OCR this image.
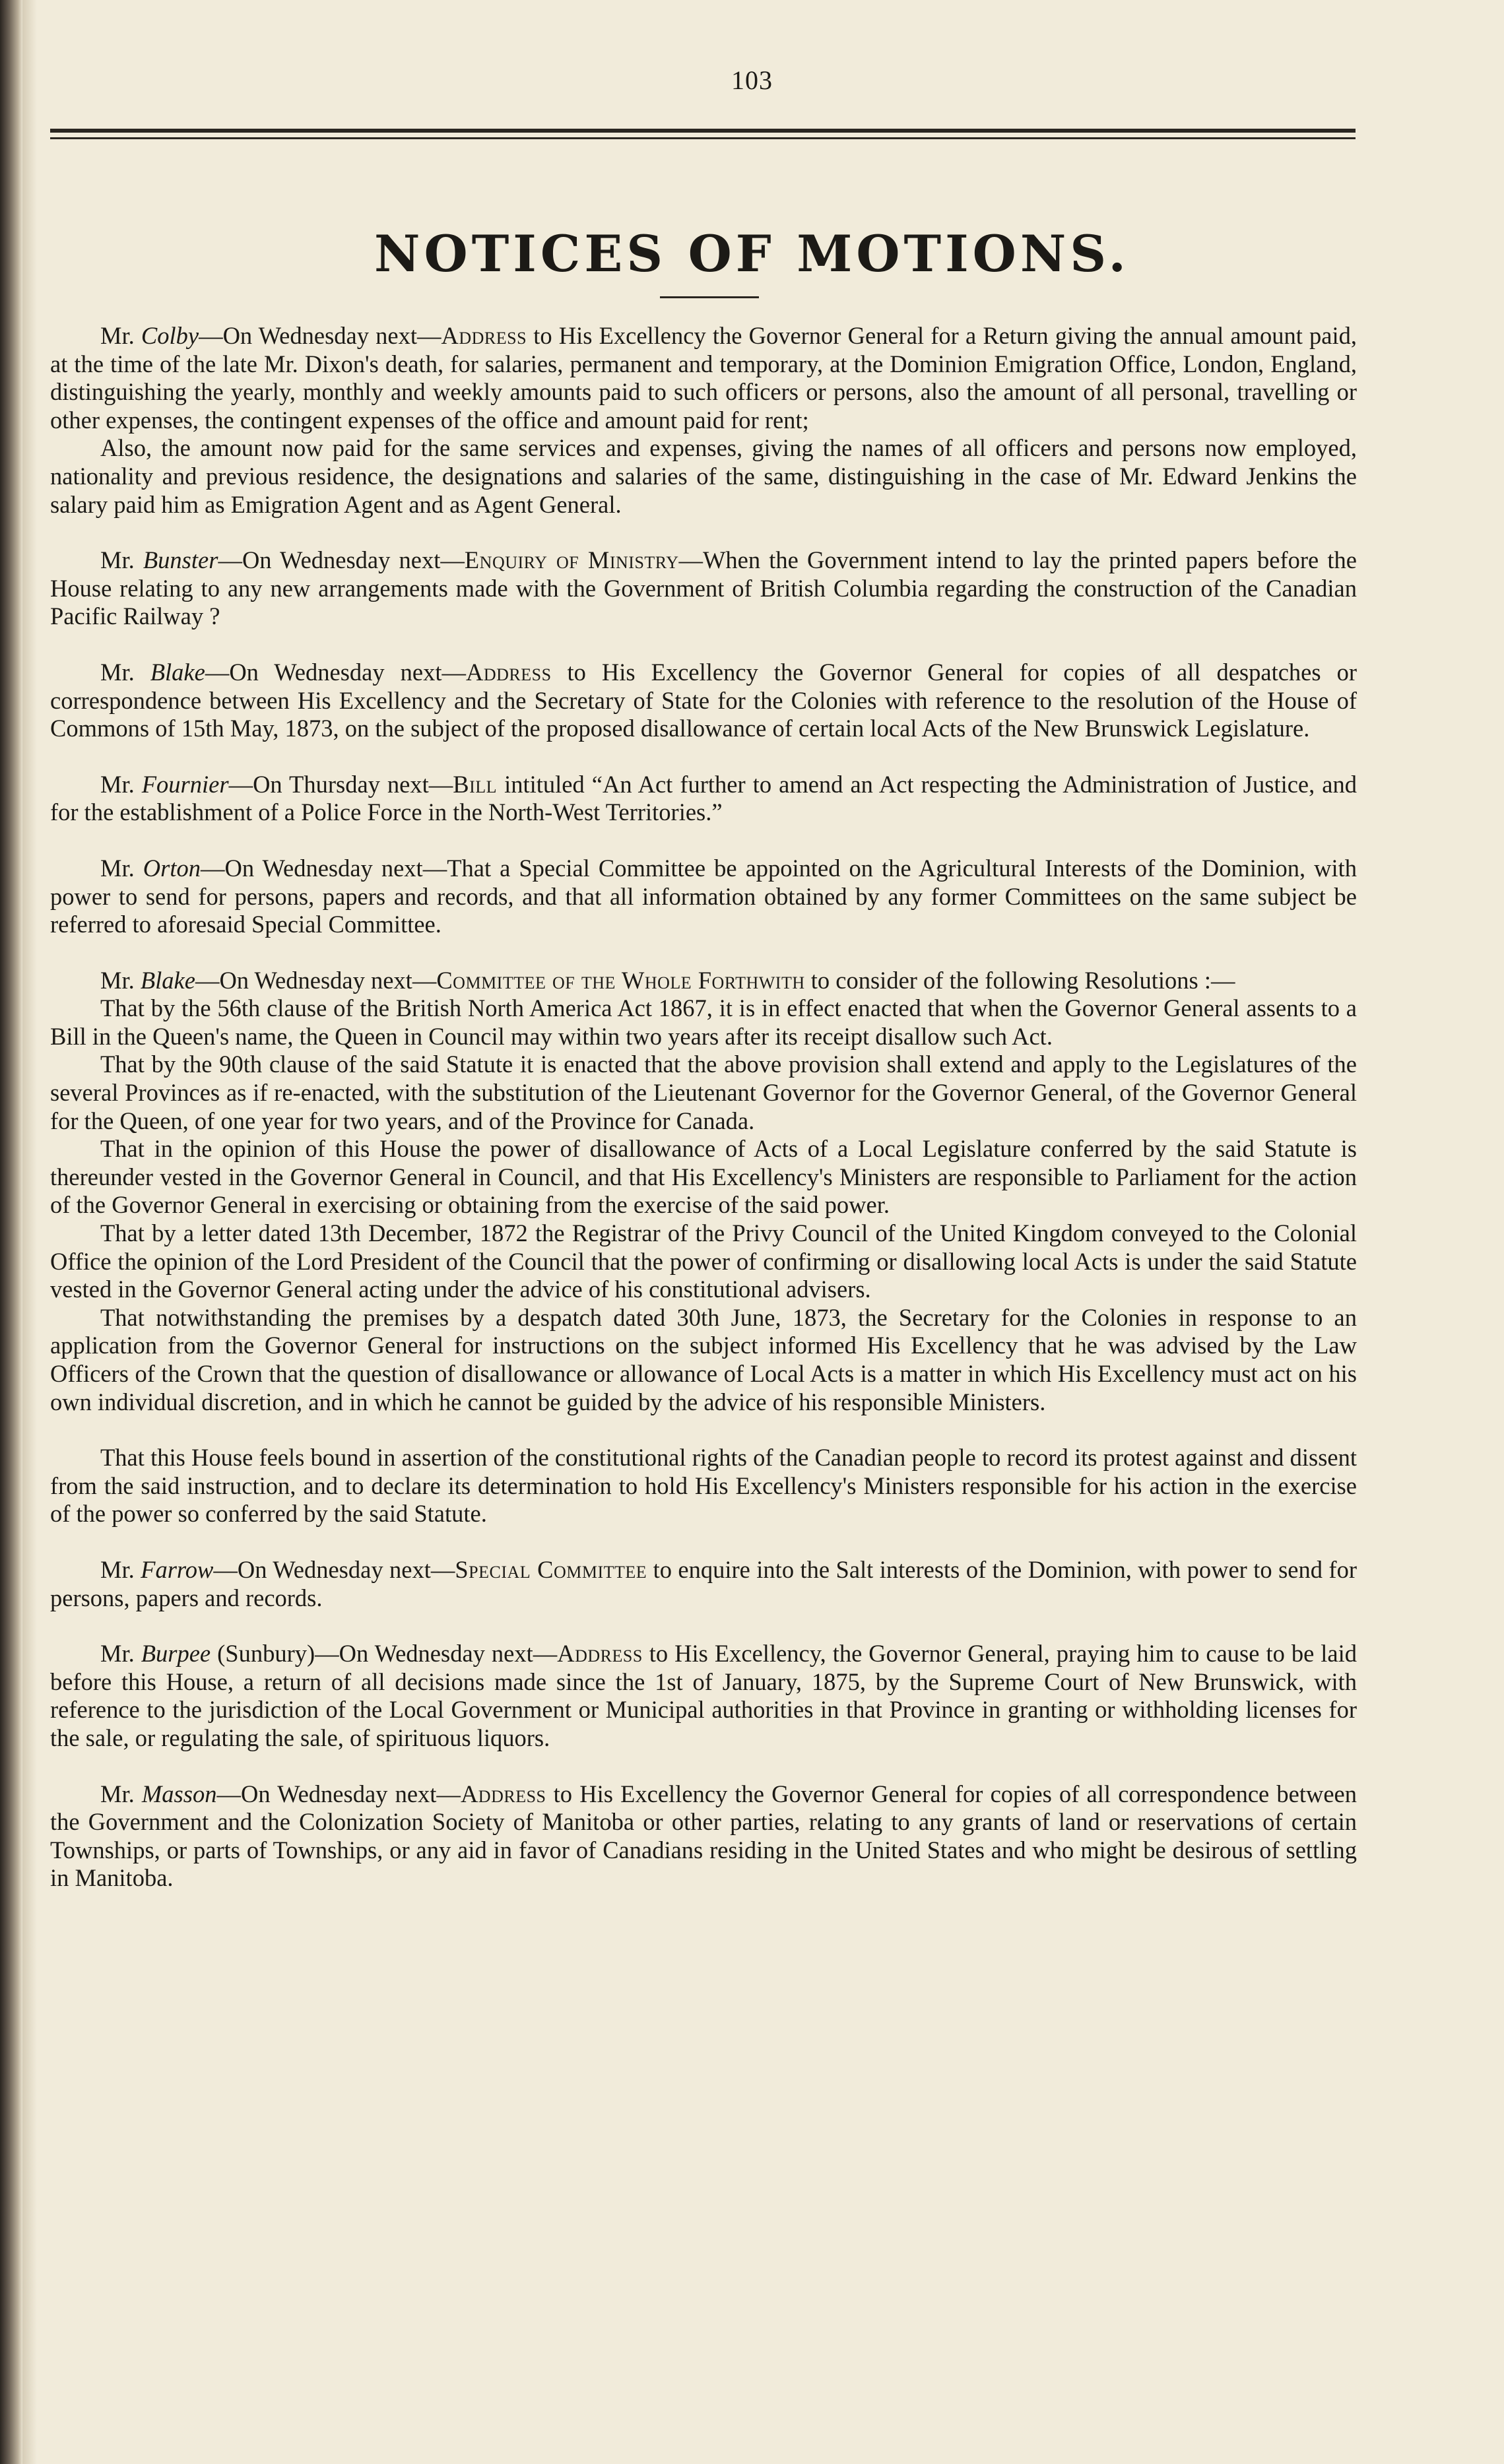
103
NOTICES OF MOTIONS.

Mr. Colby—On Wednesday next—Address to His Excellency the Governor General for a Return giving the annual amount paid, at the time of the late Mr. Dixon's death, for salaries, permanent and temporary, at the Dominion Emigration Office, London, England, distinguishing the yearly, monthly and weekly amounts paid to such officers or persons, also the amount of all personal, travelling or other expenses, the contingent expenses of the office and amount paid for rent;

Also, the amount now paid for the same services and expenses, giving the names of all officers and persons now employed, nationality and previous residence, the designations and salaries of the same, distinguishing in the case of Mr. Edward Jenkins the salary paid him as Emigration Agent and as Agent General.

Mr. Bunster—On Wednesday next—Enquiry of Ministry—When the Government intend to lay the printed papers before the House relating to any new arrangements made with the Government of British Columbia regarding the construction of the Canadian Pacific Railway ?

Mr. Blake—On Wednesday next—Address to His Excellency the Governor General for copies of all despatches or correspondence between His Excellency and the Secretary of State for the Colonies with reference to the resolution of the House of Commons of 15th May, 1873, on the subject of the proposed disallowance of certain local Acts of the New Brunswick Legislature.

Mr. Fournier—On Thursday next—Bill intituled “An Act further to amend an Act respecting the Administration of Justice, and for the establishment of a Police Force in the North-West Territories.”

Mr. Orton—On Wednesday next—That a Special Committee be appointed on the Agricultural Interests of the Dominion, with power to send for persons, papers and records, and that all information obtained by any former Committees on the same subject be referred to aforesaid Special Committee.

Mr. Blake—On Wednesday next—Committee of the Whole Forthwith to consider of the following Resolutions :—

That by the 56th clause of the British North America Act 1867, it is in effect enacted that when the Governor General assents to a Bill in the Queen's name, the Queen in Council may within two years after its receipt disallow such Act.

That by the 90th clause of the said Statute it is enacted that the above provision shall extend and apply to the Legislatures of the several Provinces as if re-enacted, with the substitution of the Lieutenant Governor for the Governor General, of the Governor General for the Queen, of one year for two years, and of the Province for Canada.

That in the opinion of this House the power of disallowance of Acts of a Local Legislature conferred by the said Statute is thereunder vested in the Governor General in Council, and that His Excellency's Ministers are responsible to Parliament for the action of the Governor General in exercising or obtaining from the exercise of the said power.

That by a letter dated 13th December, 1872 the Registrar of the Privy Council of the United Kingdom conveyed to the Colonial Office the opinion of the Lord President of the Council that the power of confirming or disallowing local Acts is under the said Statute vested in the Governor General acting under the advice of his constitutional advisers.

That notwithstanding the premises by a despatch dated 30th June, 1873, the Secretary for the Colonies in response to an application from the Governor General for instructions on the subject informed His Excellency that he was advised by the Law Officers of the Crown that the question of disallowance or allowance of Local Acts is a matter in which His Excellency must act on his own individual discretion, and in which he cannot be guided by the advice of his responsible Ministers.

That this House feels bound in assertion of the constitutional rights of the Canadian people to record its protest against and dissent from the said instruction, and to declare its determination to hold His Excellency's Ministers responsible for his action in the exercise of the power so conferred by the said Statute.

Mr. Farrow—On Wednesday next—Special Committee to enquire into the Salt interests of the Dominion, with power to send for persons, papers and records.

Mr. Burpee (Sunbury)—On Wednesday next—Address to His Excellency, the Governor General, praying him to cause to be laid before this House, a return of all decisions made since the 1st of January, 1875, by the Supreme Court of New Brunswick, with reference to the jurisdiction of the Local Government or Municipal authorities in that Province in granting or withholding licenses for the sale, or regulating the sale, of spirituous liquors.

Mr. Masson—On Wednesday next—Address to His Excellency the Governor General for copies of all correspondence between the Government and the Colonization Society of Manitoba or other parties, relating to any grants of land or reservations of certain Townships, or parts of Townships, or any aid in favor of Canadians residing in the United States and who might be desirous of settling in Manitoba.
